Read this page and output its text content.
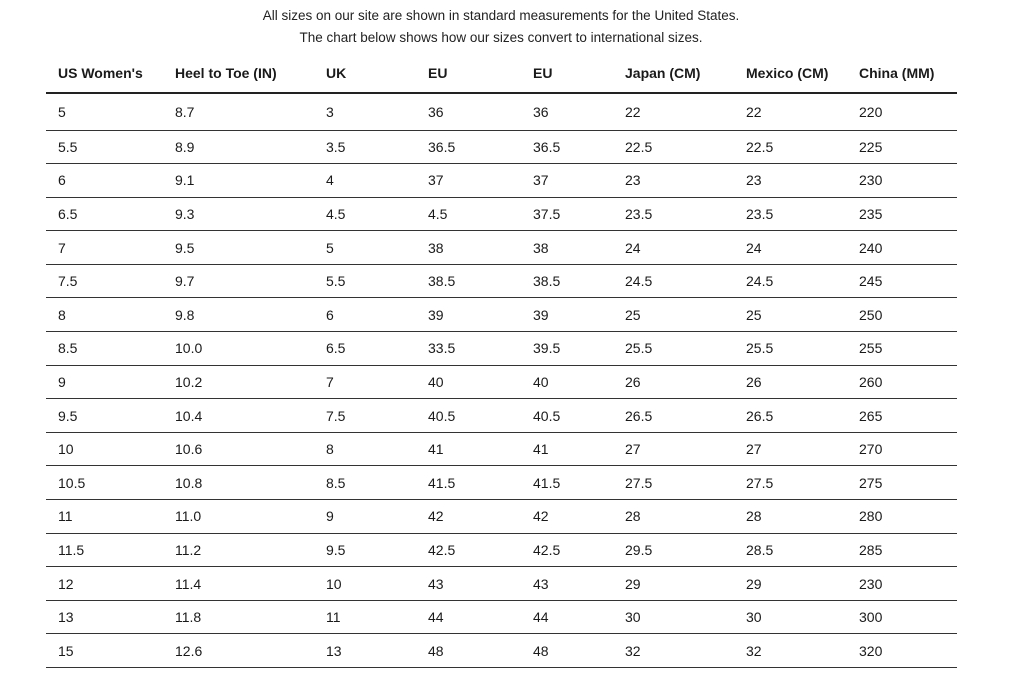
All sizes on our site are shown in standard measurements for the United States.

The chart below shows how our sizes convert to international sizes.

US Women's	Heel to Toe (IN)	UK	EU	EU	Japan (CM)	Mexico (CM)	China (MM)
5	8.7	3	36	36	22	22	220
5.5	8.9	3.5	36.5	36.5	22.5	22.5	225
6	9.1	4	37	37	23	23	230
6.5	9.3	4.5	4.5	37.5	23.5	23.5	235
7	9.5	5	38	38	24	24	240
7.5	9.7	5.5	38.5	38.5	24.5	24.5	245
8	9.8	6	39	39	25	25	250
8.5	10.0	6.5	33.5	39.5	25.5	25.5	255
9	10.2	7	40	40	26	26	260
9.5	10.4	7.5	40.5	40.5	26.5	26.5	265
10	10.6	8	41	41	27	27	270
10.5	10.8	8.5	41.5	41.5	27.5	27.5	275
11	11.0	9	42	42	28	28	280
11.5	11.2	9.5	42.5	42.5	29.5	28.5	285
12	11.4	10	43	43	29	29	230
13	11.8	11	44	44	30	30	300
15	12.6	13	48	48	32	32	320
